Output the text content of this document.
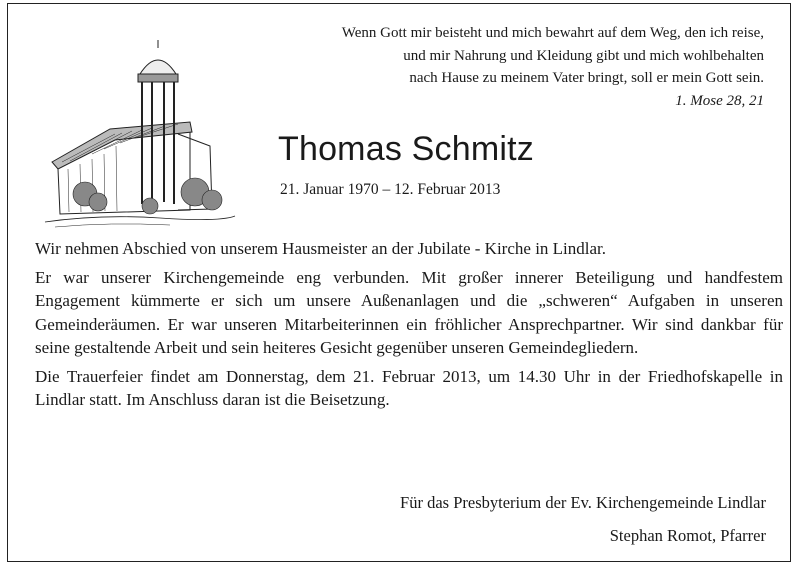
Wenn Gott mir beisteht und mich bewahrt auf dem Weg, den ich reise,
und mir Nahrung und Kleidung gibt und mich wohlbehalten
nach Hause zu meinem Vater bringt, soll er mein Gott sein.
1. Mose 28, 21
Thomas Schmitz
21. Januar 1970 – 12. Februar 2013

Wir nehmen Abschied von unserem Hausmeister an der Jubilate - Kirche in Lindlar.

Er war unserer Kirchengemeinde eng verbunden. Mit großer innerer Beteiligung und handfestem Engagement kümmerte er sich um unsere Außenanlagen und die „schweren“ Aufgaben in unseren Gemeinderäumen. Er war unseren Mitarbeiterinnen ein fröhlicher Ansprechpartner. Wir sind dankbar für seine gestaltende Arbeit und sein heiteres Gesicht gegenüber unseren Gemeindegliedern.

Die Trauerfeier findet am Donnerstag, dem 21. Februar 2013, um 14.30 Uhr in der Friedhofskapelle in Lindlar statt. Im Anschluss daran ist die Beisetzung.

Für das Presbyterium der Ev. Kirchengemeinde Lindlar
Stephan Romot, Pfarrer
